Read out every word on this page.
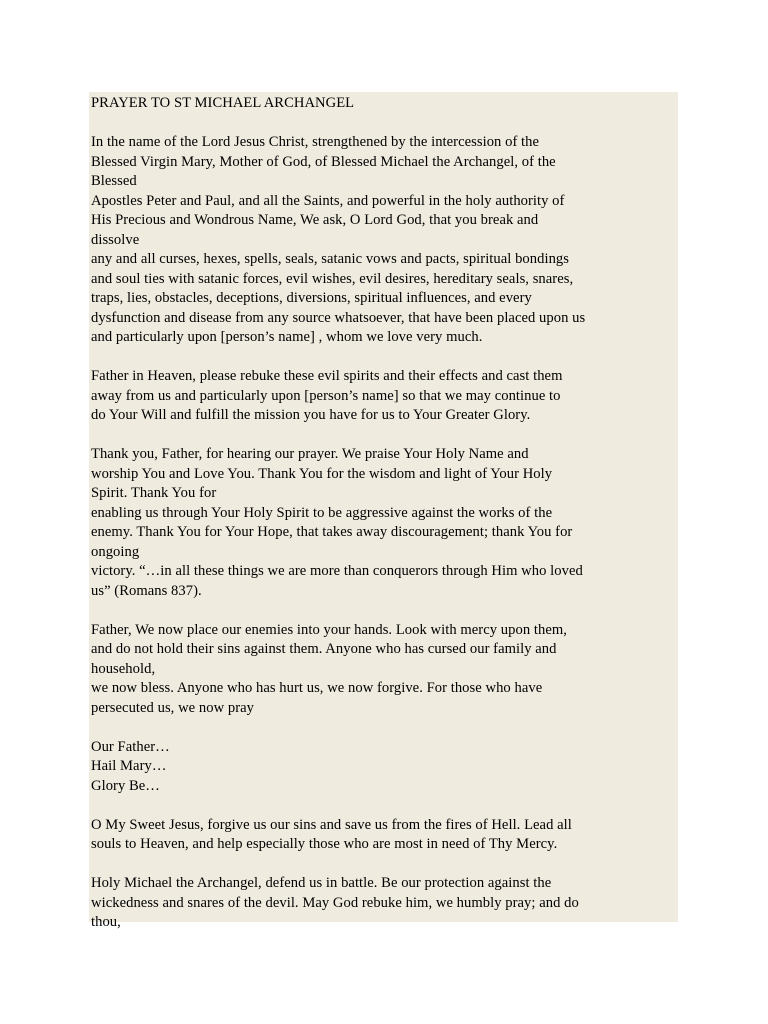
PRAYER TO ST MICHAEL ARCHANGEL
In the name of the Lord Jesus Christ, strengthened by the intercession of the
Blessed Virgin Mary, Mother of God, of Blessed Michael the Archangel, of the
Blessed
Apostles Peter and Paul, and all the Saints, and powerful in the holy authority of
His Precious and Wondrous Name, We ask, O Lord God, that you break and
dissolve
any and all curses, hexes, spells, seals, satanic vows and pacts, spiritual bondings
and soul ties with satanic forces, evil wishes, evil desires, hereditary seals, snares,
traps, lies, obstacles, deceptions, diversions, spiritual influences, and every
dysfunction and disease from any source whatsoever, that have been placed upon us
and particularly upon [person’s name] , whom we love very much.
Father in Heaven, please rebuke these evil spirits and their effects and cast them
away from us and particularly upon [person’s name] so that we may continue to
do Your Will and fulfill the mission you have for us to Your Greater Glory.
Thank you, Father, for hearing our prayer. We praise Your Holy Name and
worship You and Love You. Thank You for the wisdom and light of Your Holy
Spirit. Thank You for
enabling us through Your Holy Spirit to be aggressive against the works of the
enemy. Thank You for Your Hope, that takes away discouragement; thank You for
ongoing
victory. “…in all these things we are more than conquerors through Him who loved
us” (Romans 837).
Father, We now place our enemies into your hands. Look with mercy upon them,
and do not hold their sins against them. Anyone who has cursed our family and
household,
we now bless. Anyone who has hurt us, we now forgive. For those who have
persecuted us, we now pray
Our Father…
Hail Mary…
Glory Be…
O My Sweet Jesus, forgive us our sins and save us from the fires of Hell. Lead all
souls to Heaven, and help especially those who are most in need of Thy Mercy.
Holy Michael the Archangel, defend us in battle. Be our protection against the
wickedness and snares of the devil. May God rebuke him, we humbly pray; and do
thou,
